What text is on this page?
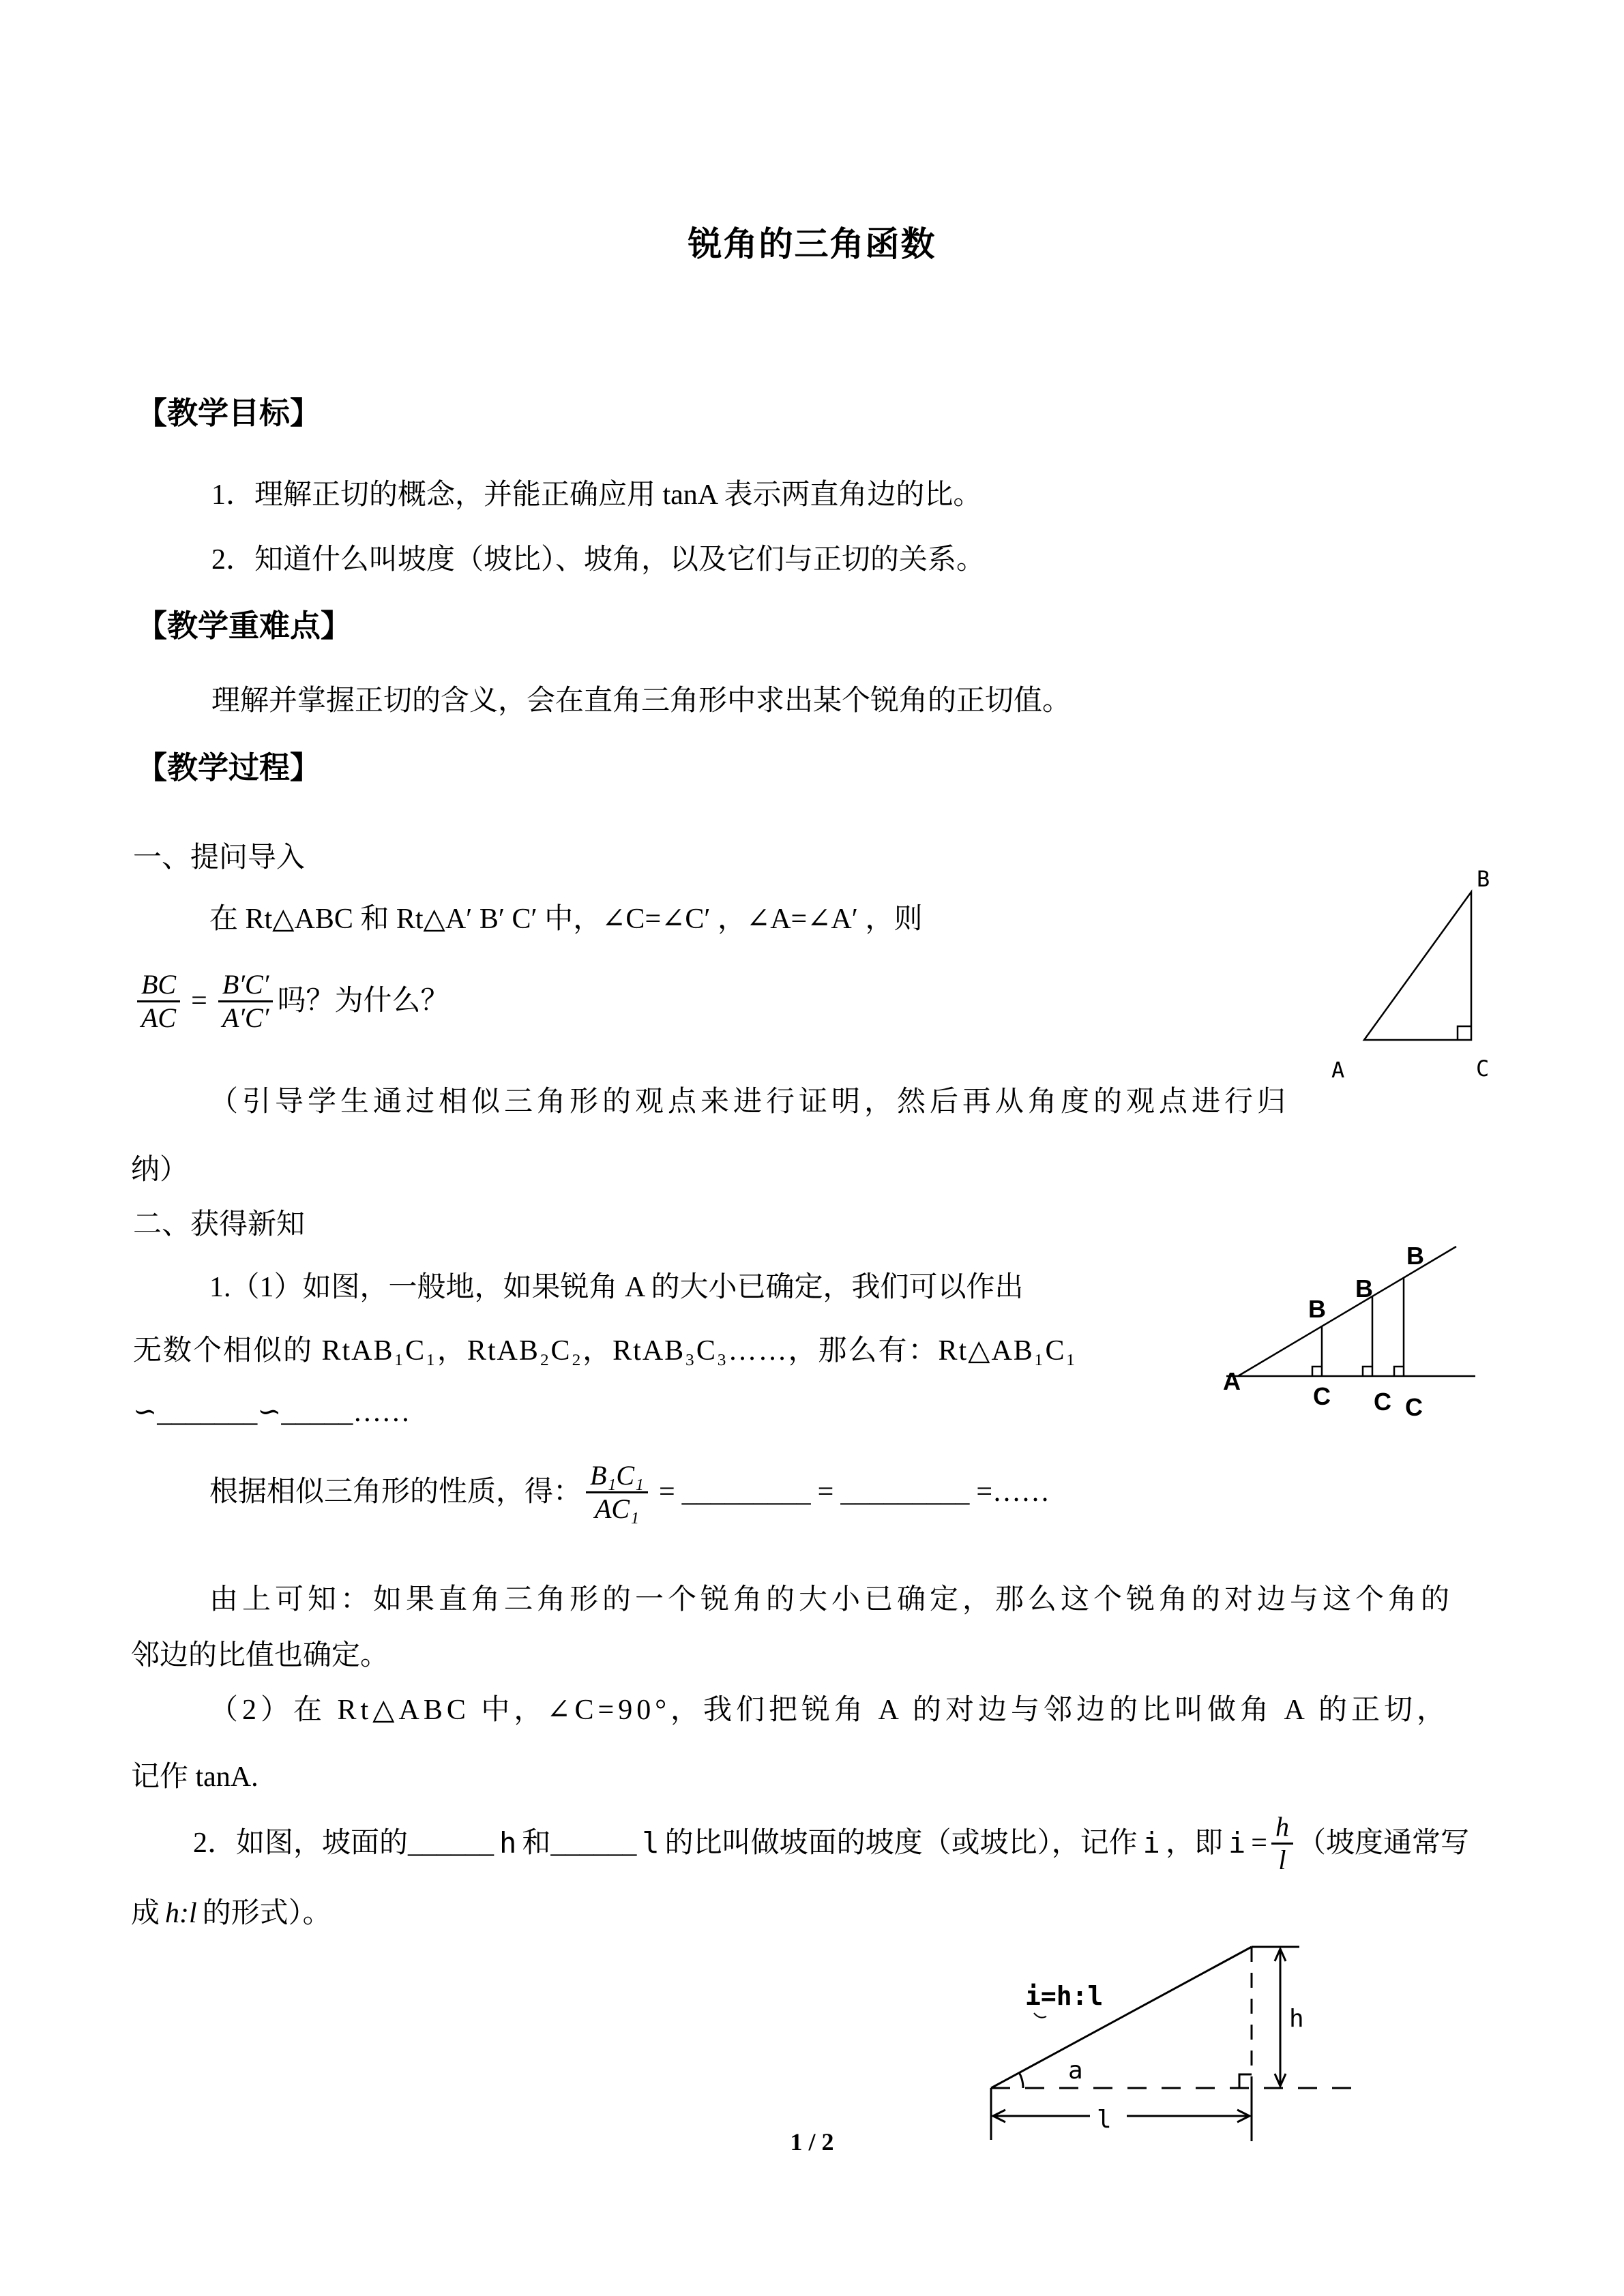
锐角的三角函数
【教学目标】
1．理解正切的概念，并能正确应用 tanA 表示两直角边的比。
2．知道什么叫坡度（坡比）、坡角，以及它们与正切的关系。
【教学重难点】
理解并掌握正切的含义，会在直角三角形中求出某个锐角的正切值。
【教学过程】
一、提问导入
在 Rt△ABC 和 Rt△A′ B′ C′ 中，∠C=∠C′ ，∠A=∠A′ ，则
$\frac{BC}{AC} = \frac{B'C'}{A'C'}$ 吗？为什么？
（引导学生通过相似三角形的观点来进行证明，然后再从角度的观点进行归
纳）
二、获得新知
1.（1）如图，一般地，如果锐角 A 的大小已确定，我们可以作出
无数个相似的 RtAB₁C₁，RtAB₂C₂，RtAB₃C₃……，那么有：Rt△AB₁C₁
∽_______∽_____……
根据相似三角形的性质，得： $\frac{\text{B₁C₁}}{\text{AC₁}}$ = _________ = _________ =……
由上可知：如果直角三角形的一个锐角的大小已确定，那么这个锐角的对边与这个角的
邻边的比值也确定。
（2）在 Rt△ABC 中，∠C=90°，我们把锐角 A 的对边与邻边的比叫做角 A 的正切，
记作 tanA.
2．如图，坡面的______ h 和______ l 的比叫做坡面的坡度（或坡比），记作 i ，即 $i = \frac{h}{l}$ （坡度通常写
成 h:l 的形式）。
B
A	C
A
B
B
B
C C C
i=h:l
a
h
l
1 / 2
